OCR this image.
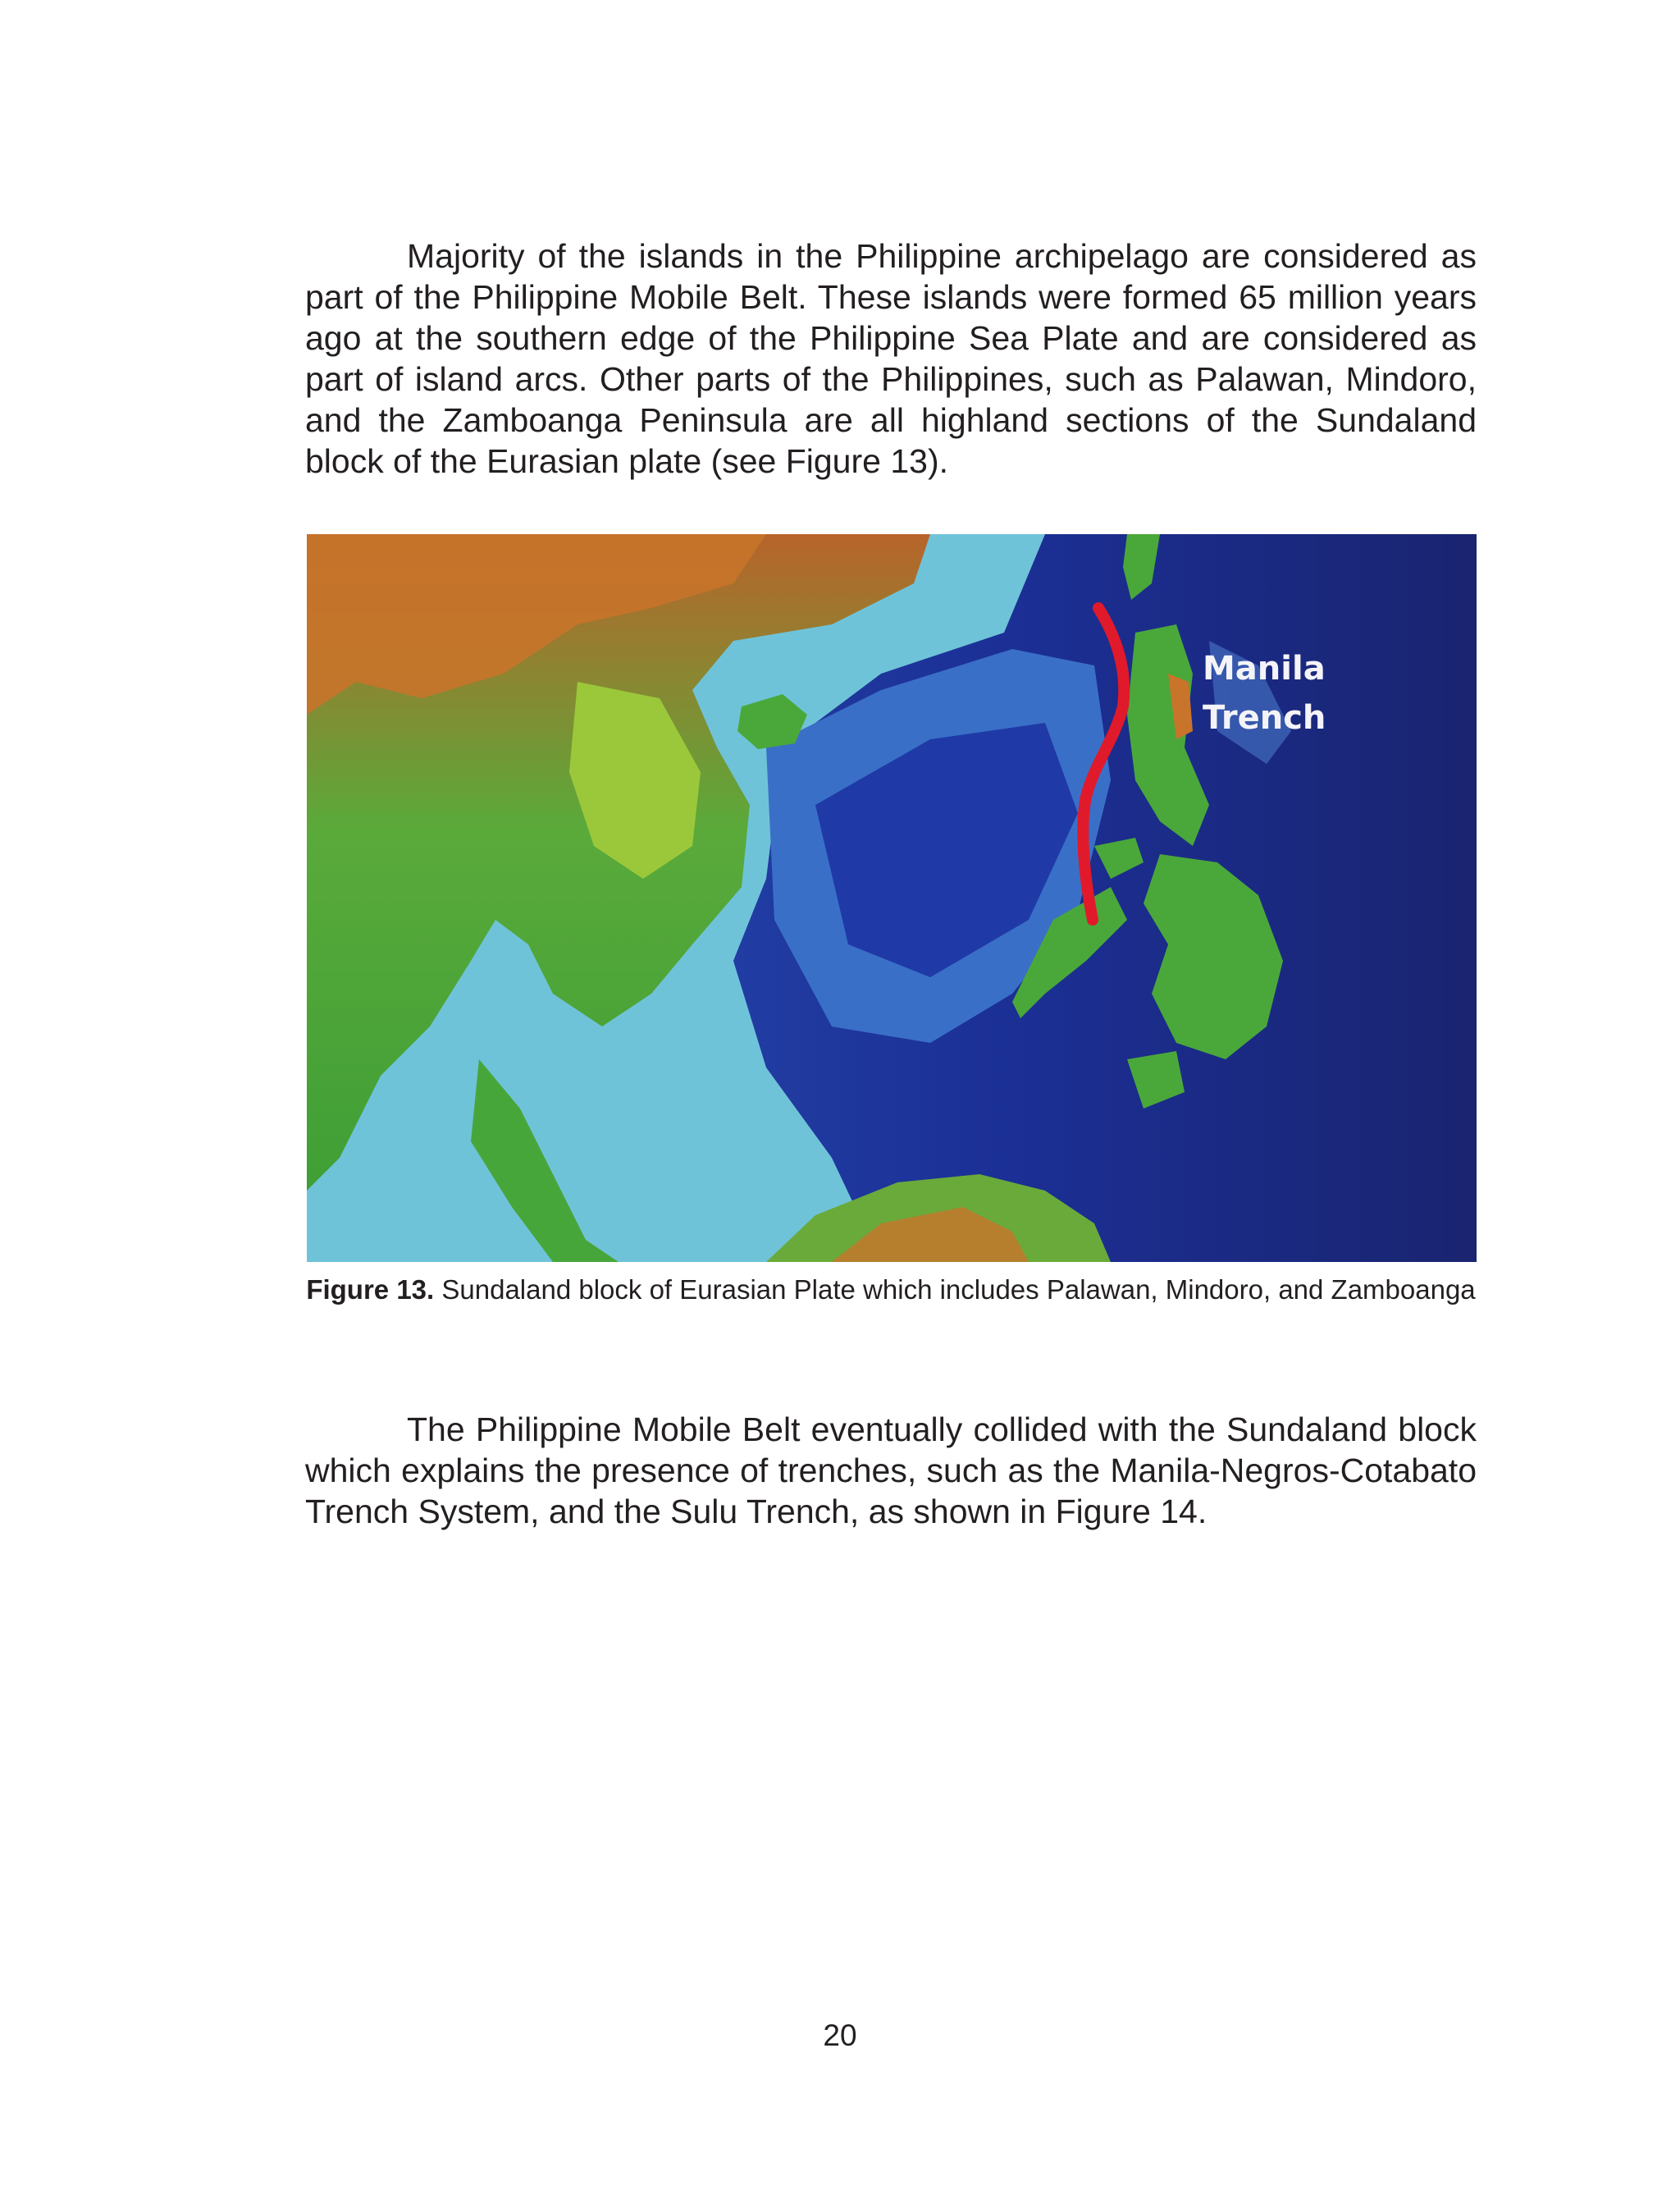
Majority of the islands in the Philippine archipelago are considered as part of the Philippine Mobile Belt. These islands were formed 65 million years ago at the southern edge of the Philippine Sea Plate and are considered as part of island arcs. Other parts of the Philippines, such as Palawan, Mindoro, and the Zamboanga Peninsula are all highland sections of the Sundaland block of the Eurasian plate (see Figure 13).

Manila
Trench
Figure 13. Sundaland block of Eurasian Plate which includes Palawan, Mindoro, and Zamboanga

The Philippine Mobile Belt eventually collided with the Sundaland block which explains the presence of trenches, such as the Manila-Negros-Cotabato Trench System, and the Sulu Trench, as shown in Figure 14.

20
